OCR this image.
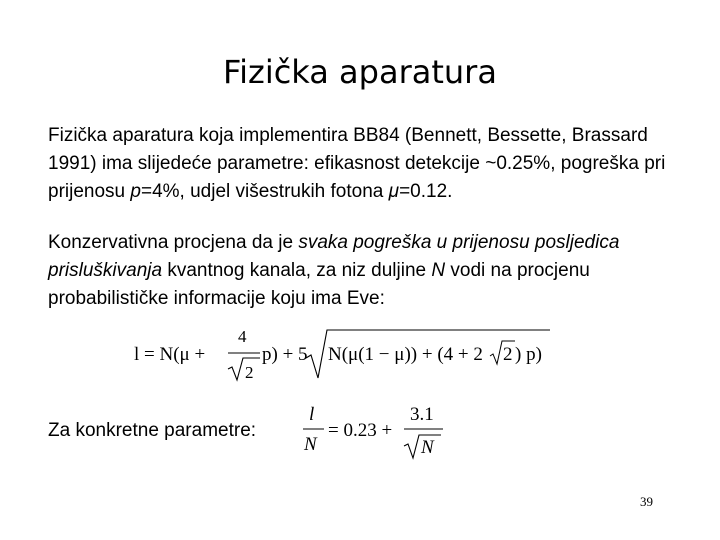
Fizička aparatura
Fizička aparatura koja implementira BB84 (Bennett, Bessette, Brassard 1991) ima slijedeće parametre: efikasnost detekcije ~0.25%, pogreška pri prijenosu p=4%, udjel višestrukih fotona μ=0.12.
Konzervativna procjena da je svaka pogreška u prijenosu posljedica prisluškivanja kvantnog kanala, za niz duljine N vodi na procjenu probabilističke informacije koju ima Eve:
l = N(μ +
4
2
p) + 5 N(μ(1 − μ)) + (4 + 2 2 ) p)
Za konkretne parametre:
l
N
= 0.23 +
3.1
N
39
